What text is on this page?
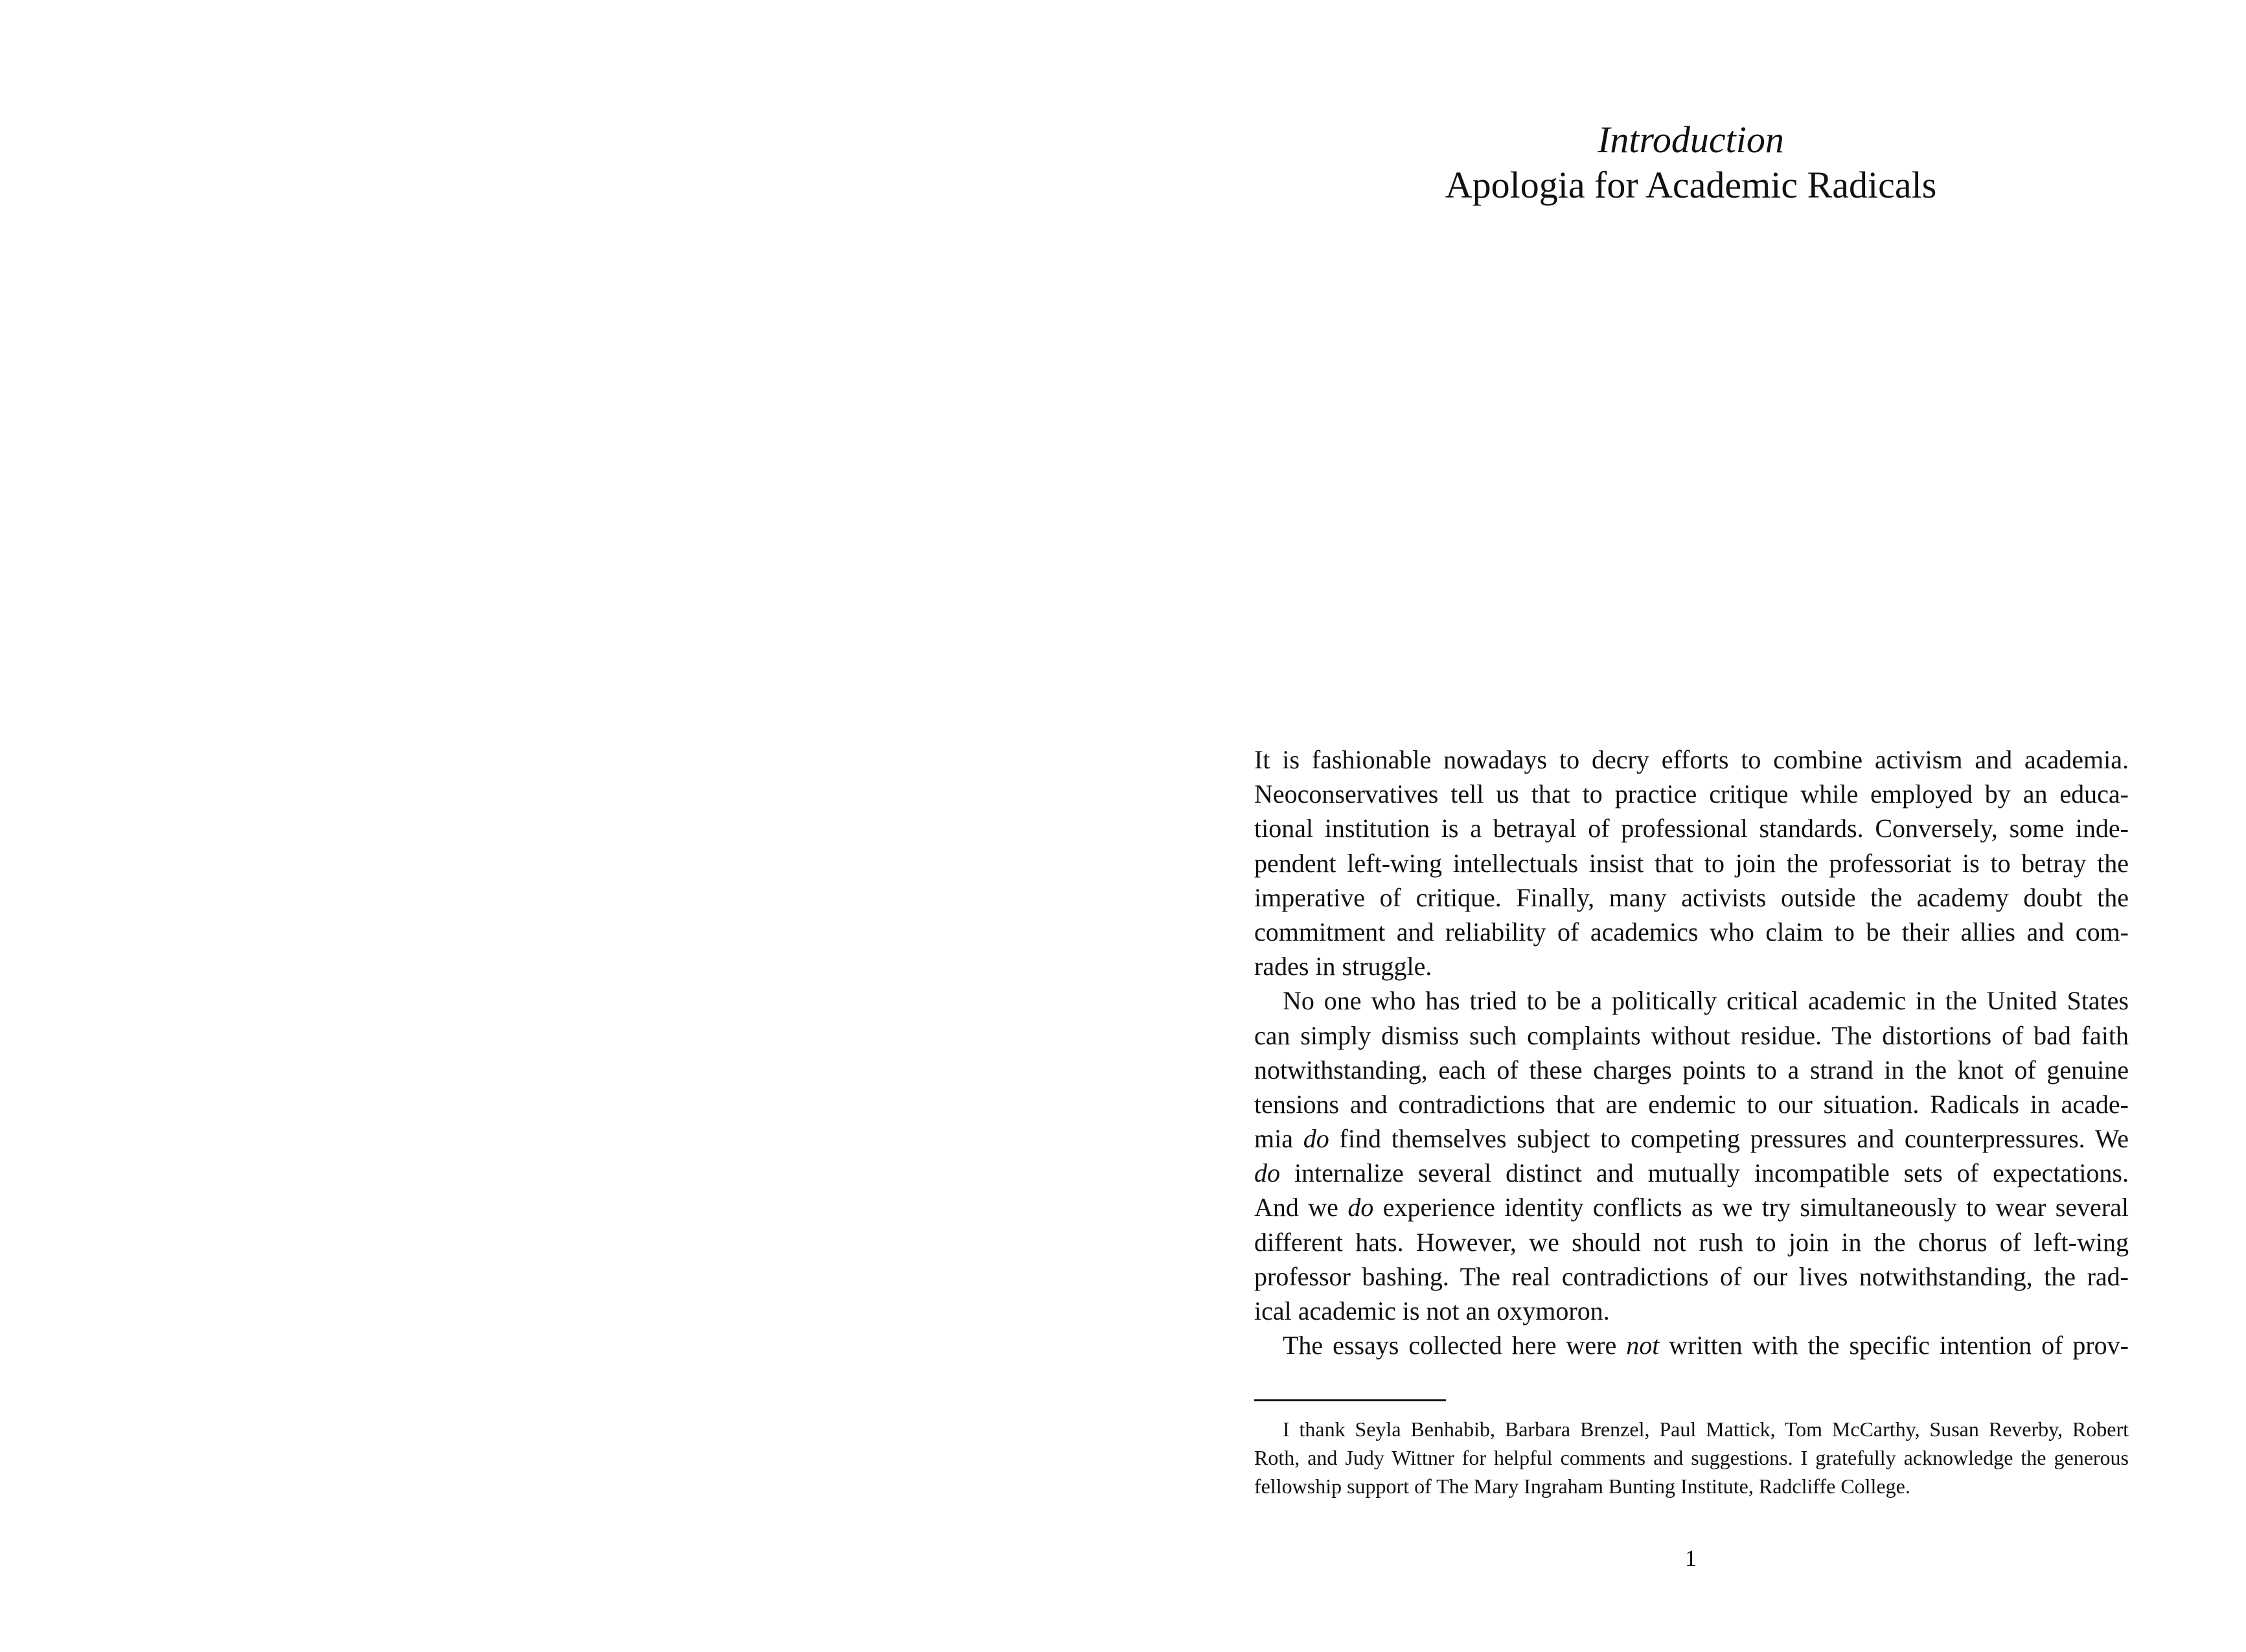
Introduction
Apologia for Academic Radicals
It is fashionable nowadays to decry efforts to combine activism and academia.
Neoconservatives tell us that to practice critique while employed by an educa-
tional institution is a betrayal of professional standards. Conversely, some inde-
pendent left-wing intellectuals insist that to join the professoriat is to betray the
imperative of critique. Finally, many activists outside the academy doubt the
commitment and reliability of academics who claim to be their allies and com-
rades in struggle.
No one who has tried to be a politically critical academic in the United States
can simply dismiss such complaints without residue. The distortions of bad faith
notwithstanding, each of these charges points to a strand in the knot of genuine
tensions and contradictions that are endemic to our situation. Radicals in acade-
mia do find themselves subject to competing pressures and counterpressures. We
do internalize several distinct and mutually incompatible sets of expectations.
And we do experience identity conflicts as we try simultaneously to wear several
different hats. However, we should not rush to join in the chorus of left-wing
professor bashing. The real contradictions of our lives notwithstanding, the rad-
ical academic is not an oxymoron.
The essays collected here were not written with the specific intention of prov-
I thank Seyla Benhabib, Barbara Brenzel, Paul Mattick, Tom McCarthy, Susan Reverby, Robert
Roth, and Judy Wittner for helpful comments and suggestions. I gratefully acknowledge the generous
fellowship support of The Mary Ingraham Bunting Institute, Radcliffe College.
1
